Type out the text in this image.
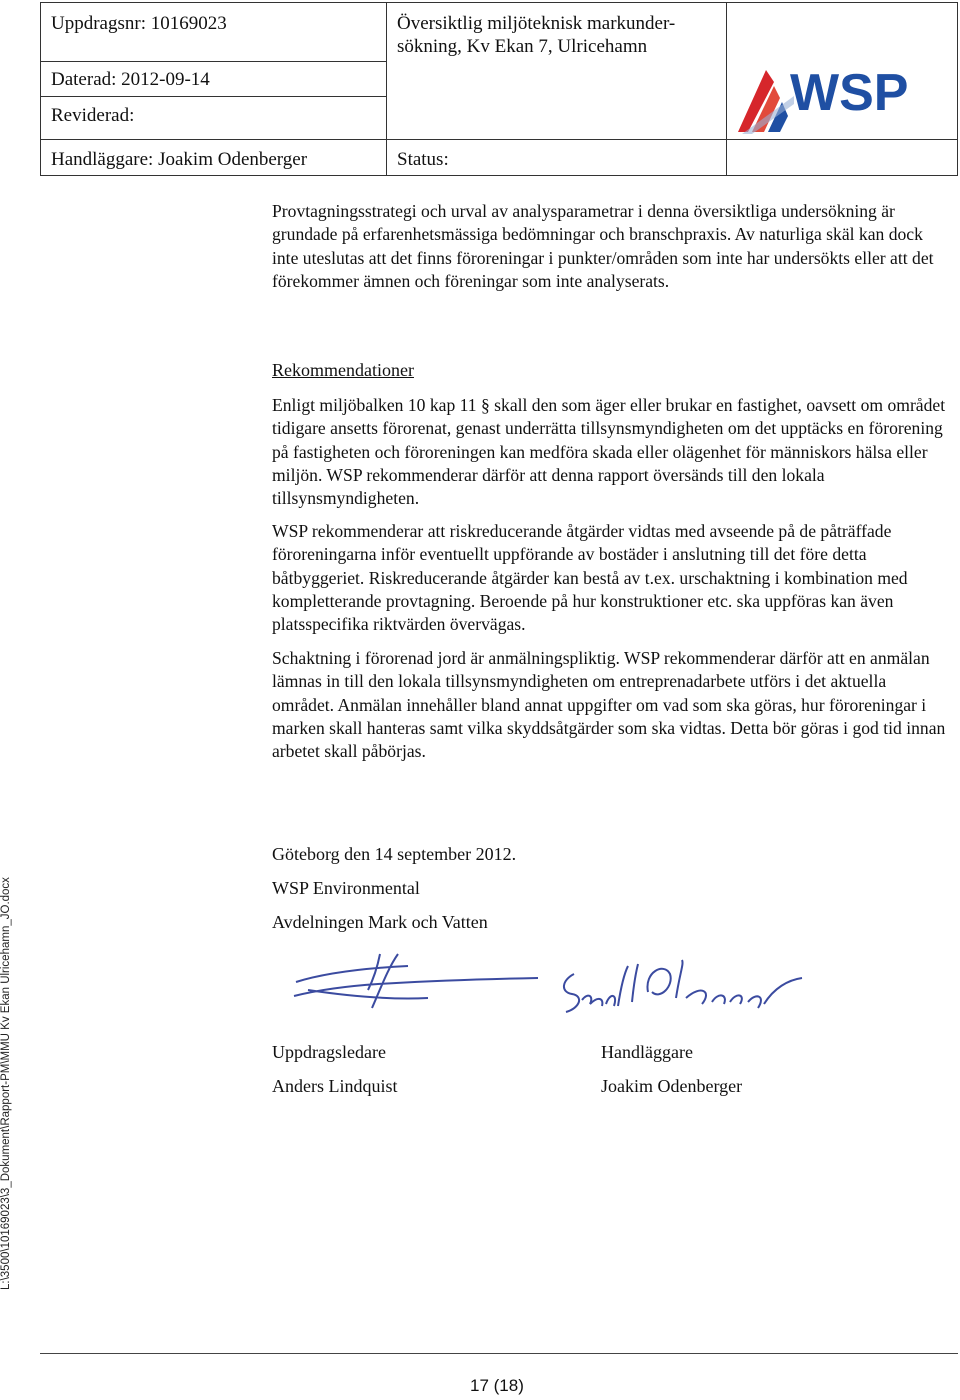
Uppdragsnr: 10169023	Översiktlig miljöteknisk markunder-
sökning, Kv Ekan 7, Ulricehamn
Daterad: 2012-09-14
Reviderad:
Handläggare: Joakim Odenberger	Status:
WSP

Provtagningsstrategi och urval av analysparametrar i denna översiktliga undersökning är grundade på erfarenhetsmässiga bedömningar och branschpraxis. Av naturliga skäl kan dock inte uteslutas att det finns föroreningar i punkter/områden som inte har undersökts eller att det förekommer ämnen och föreningar som inte analyserats.

Rekommendationer

Enligt miljöbalken 10 kap 11 § skall den som äger eller brukar en fastighet, oavsett om området tidigare ansetts förorenat, genast underrätta tillsynsmyndigheten om det upptäcks en förorening på fastigheten och föroreningen kan medföra skada eller olägenhet för människors hälsa eller miljön. WSP rekommenderar därför att denna rapport översänds till den lokala tillsynsmyndigheten.

WSP rekommenderar att riskreducerande åtgärder vidtas med avseende på de påträffade föroreningarna inför eventuellt uppförande av bostäder i anslutning till det före detta båtbyggeriet. Riskreducerande åtgärder kan bestå av t.ex. urschaktning i kombination med kompletterande provtagning. Beroende på hur konstruktioner etc. ska uppföras kan även platsspecifika riktvärden övervägas.

Schaktning i förorenad jord är anmälningspliktig. WSP rekommenderar därför att en anmälan lämnas in till den lokala tillsynsmyndigheten om entreprenadarbete utförs i det aktuella området. Anmälan innehåller bland annat uppgifter om vad som ska göras, hur föroreningar i marken skall hanteras samt vilka skyddsåtgärder som ska vidtas. Detta bör göras i god tid innan arbetet skall påbörjas.

Göteborg den 14 september 2012.
WSP Environmental
Avdelningen Mark och Vatten
Uppdragsledare
Anders Lindquist
Handläggare
Joakim Odenberger
L:\3500\10169023\3_Dokument\Rapport-PM\MMU Kv Ekan Ulricehamn_JO.docx
17 (18)
